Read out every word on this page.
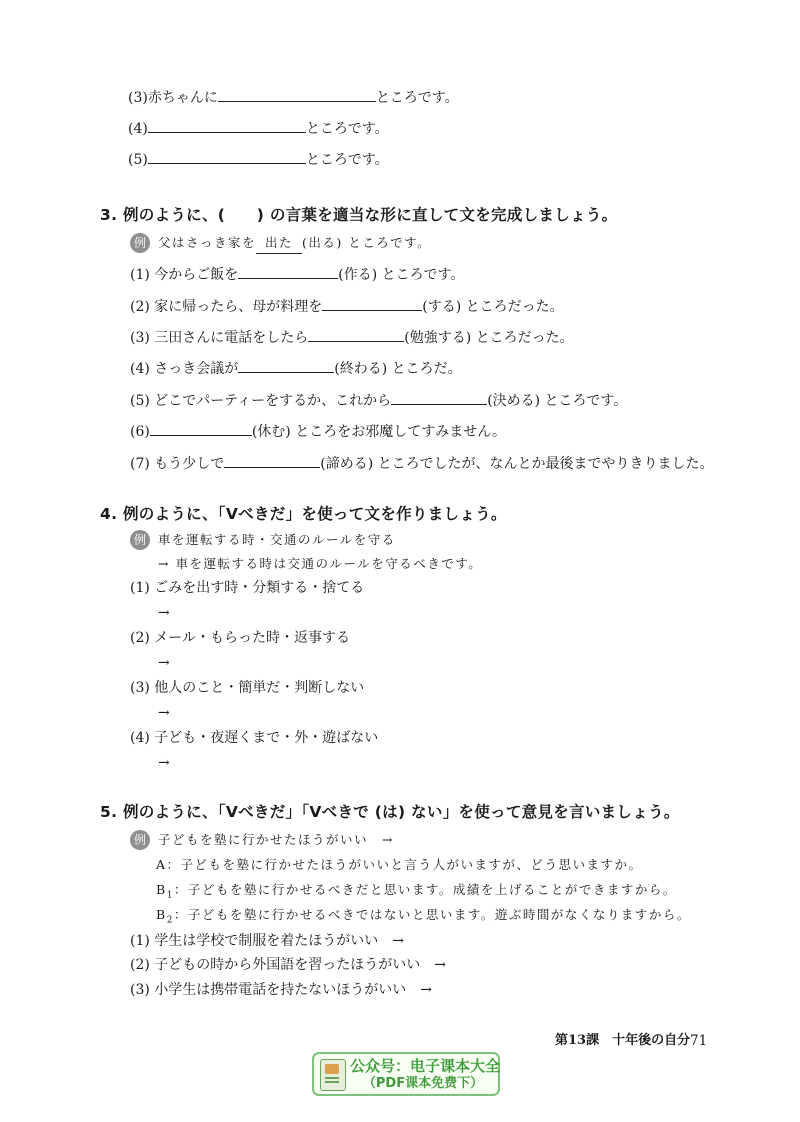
(3)赤ちゃんに	ところです。
(4)	ところです。
(5)	ところです。
3. 例のように、(　　) の言葉を適当な形に直して文を完成しましょう。
例 父はさっき家を 出た (出る) ところです。
(1) 今からご飯を	(作る) ところです。
(2) 家に帰ったら、母が料理を	(する) ところだった。
(3) 三田さんに電話をしたら	(勉強する) ところだった。
(4) さっき会議が	(終わる) ところだ。
(5) どこでパーティーをするか、これから	(決める) ところです。
(6)	(休む) ところをお邪魔してすみません。
(7) もう少しで	(諦める) ところでしたが、なんとか最後までやりきりました。
4. 例のように、「Vべきだ」を使って文を作りましょう。
例 車を運転する時・交通のルールを守る
→ 車を運転する時は交通のルールを守るべきです。
(1) ごみを出す時・分類する・捨てる
→
(2) メール・もらった時・返事する
→
(3) 他人のこと・簡単だ・判断しない
→
(4) 子ども・夜遅くまで・外・遊ばない
→
5. 例のように、「Vべきだ」「Vべきで (は) ない」を使って意見を言いましょう。
例 子どもを塾に行かせたほうがいい　→
A：子どもを塾に行かせたほうがいいと言う人がいますが、どう思いますか。
$B_1$：子どもを塾に行かせるべきだと思います。成績を上げることができますから。
$B_2$：子どもを塾に行かせるべきではないと思います。遊ぶ時間がなくなりますから。
(1) 学生は学校で制服を着たほうがいい　→
(2) 子どもの時から外国語を習ったほうがいい　→
(3) 小学生は携帯電話を持たないほうがいい　→
第13課　十年後の自分 71
公众号：电子课本大全
（PDF课本免费下）
